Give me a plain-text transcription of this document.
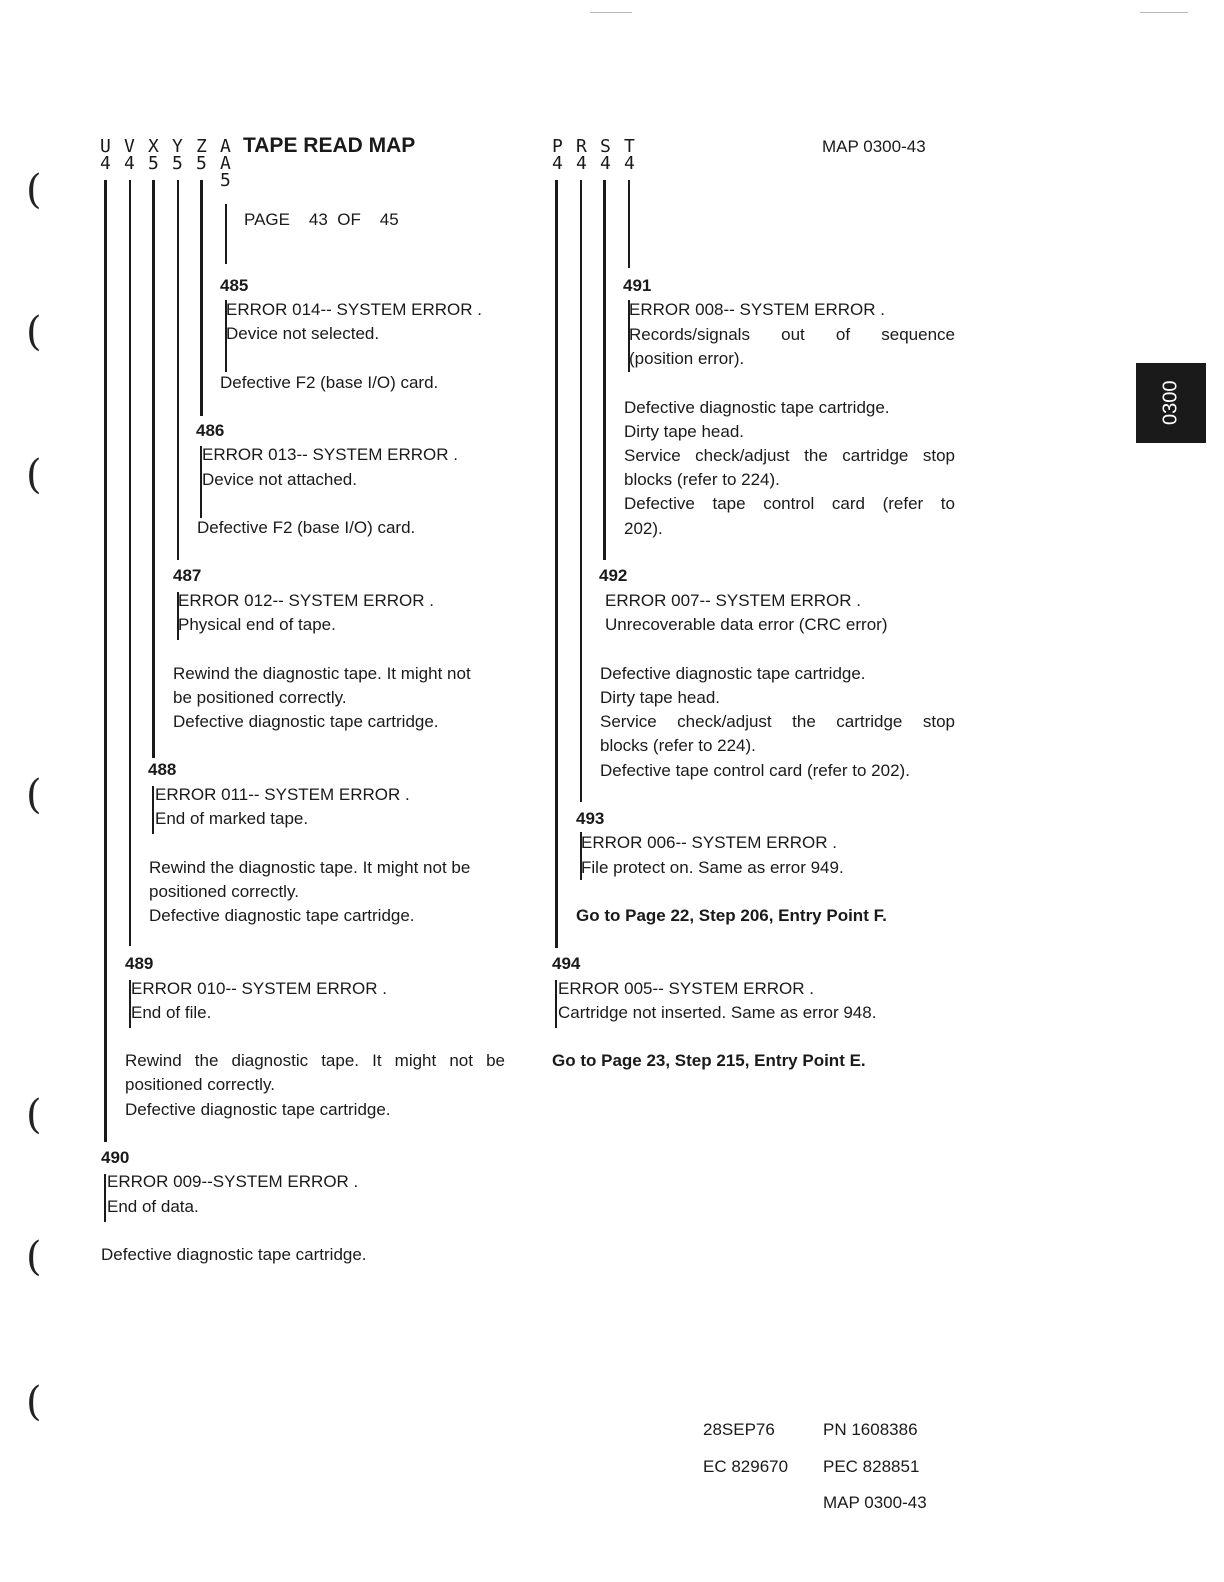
(
(
(
(
(
(
(
0300
U
4
V
4
X
5
Y
5
Z
5
A
A
5
TAPE READ MAP
PAGE 43 OF 45
P
4
R
4
S
4
T
4
MAP 0300-43
485
ERROR 014-- SYSTEM ERROR .
Device not selected.
Defective F2 (base I/O) card.
486
ERROR 013-- SYSTEM ERROR .
Device not attached.
Defective F2 (base I/O) card.
487
ERROR 012-- SYSTEM ERROR .
Physical end of tape.
Rewind the diagnostic tape. It might not
be positioned correctly.
Defective diagnostic tape cartridge.
488
ERROR 011-- SYSTEM ERROR .
End of marked tape.
Rewind the diagnostic tape. It might not be
positioned correctly.
Defective diagnostic tape cartridge.
489
ERROR 010-- SYSTEM ERROR .
End of file.
Rewind the diagnostic tape. It might not be
positioned correctly.
Defective diagnostic tape cartridge.
490
ERROR 009--SYSTEM ERROR .
End of data.
Defective diagnostic tape cartridge.
491
ERROR 008-- SYSTEM ERROR .
Records/signals out of sequence
(position error).
Defective diagnostic tape cartridge.
Dirty tape head.
Service check/adjust the cartridge stop
blocks (refer to 224).
Defective tape control card (refer to
202).
492
ERROR 007-- SYSTEM ERROR .
Unrecoverable data error (CRC error)
Defective diagnostic tape cartridge.
Dirty tape head.
Service check/adjust the cartridge stop
blocks (refer to 224).
Defective tape control card (refer to 202).
493
ERROR 006-- SYSTEM ERROR .
File protect on. Same as error 949.
Go to Page 22, Step 206, Entry Point F.
494
ERROR 005-- SYSTEM ERROR .
Cartridge not inserted. Same as error 948.
Go to Page 23, Step 215, Entry Point E.
28SEP76	PN 1608386
EC 829670 PEC 828851
MAP 0300-43
